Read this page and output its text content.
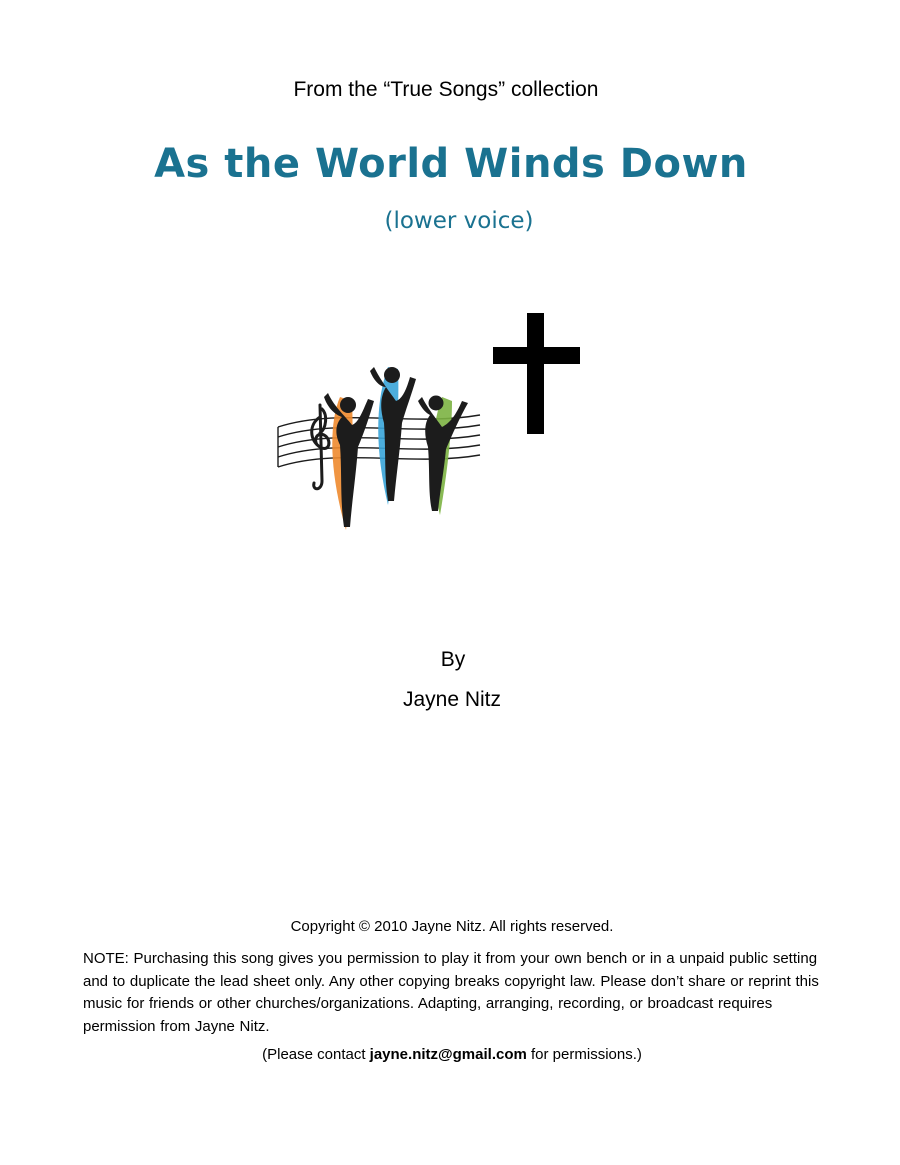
From the “True Songs” collection
As the World Winds Down
(lower voice)
By
Jayne Nitz
Copyright © 2010 Jayne Nitz. All rights reserved.
NOTE: Purchasing this song gives you permission to play it from your own bench or in a unpaid public setting and to duplicate the lead sheet only. Any other copying breaks copyright law. Please don’t share or reprint this music for friends or other churches/organizations. Adapting, arranging, recording, or broadcast requires permission from Jayne Nitz.
(Please contact jayne.nitz@gmail.com for permissions.)
